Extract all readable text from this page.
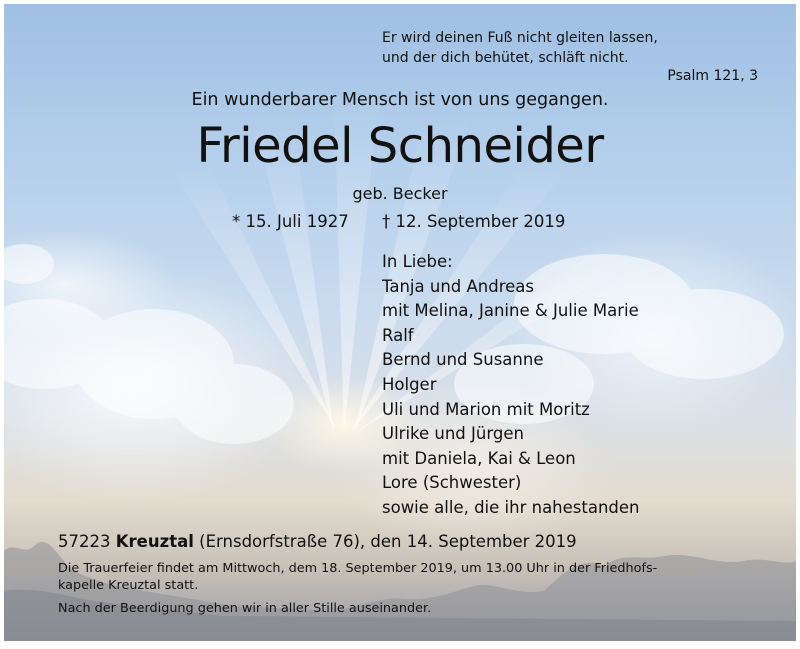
Er wird deinen Fuß nicht gleiten lassen,
und der dich behütet, schläft nicht.

Psalm 121, 3

Ein wunderbarer Mensch ist von uns gegangen.

Friedel Schneider

geb. Becker

* 15. Juli 1927 † 12. September 2019

In Liebe:
Tanja und Andreas
mit Melina, Janine & Julie Marie
Ralf
Bernd und Susanne
Holger
Uli und Marion mit Moritz
Ulrike und Jürgen
mit Daniela, Kai & Leon
Lore (Schwester)
sowie alle, die ihr nahestanden

57223 Kreuztal (Ernsdorfstraße 76), den 14. September 2019

Die Trauerfeier findet am Mittwoch, dem 18. September 2019, um 13.00 Uhr in der Friedhofs-
kapelle Kreuztal statt.

Nach der Beerdigung gehen wir in aller Stille auseinander.
